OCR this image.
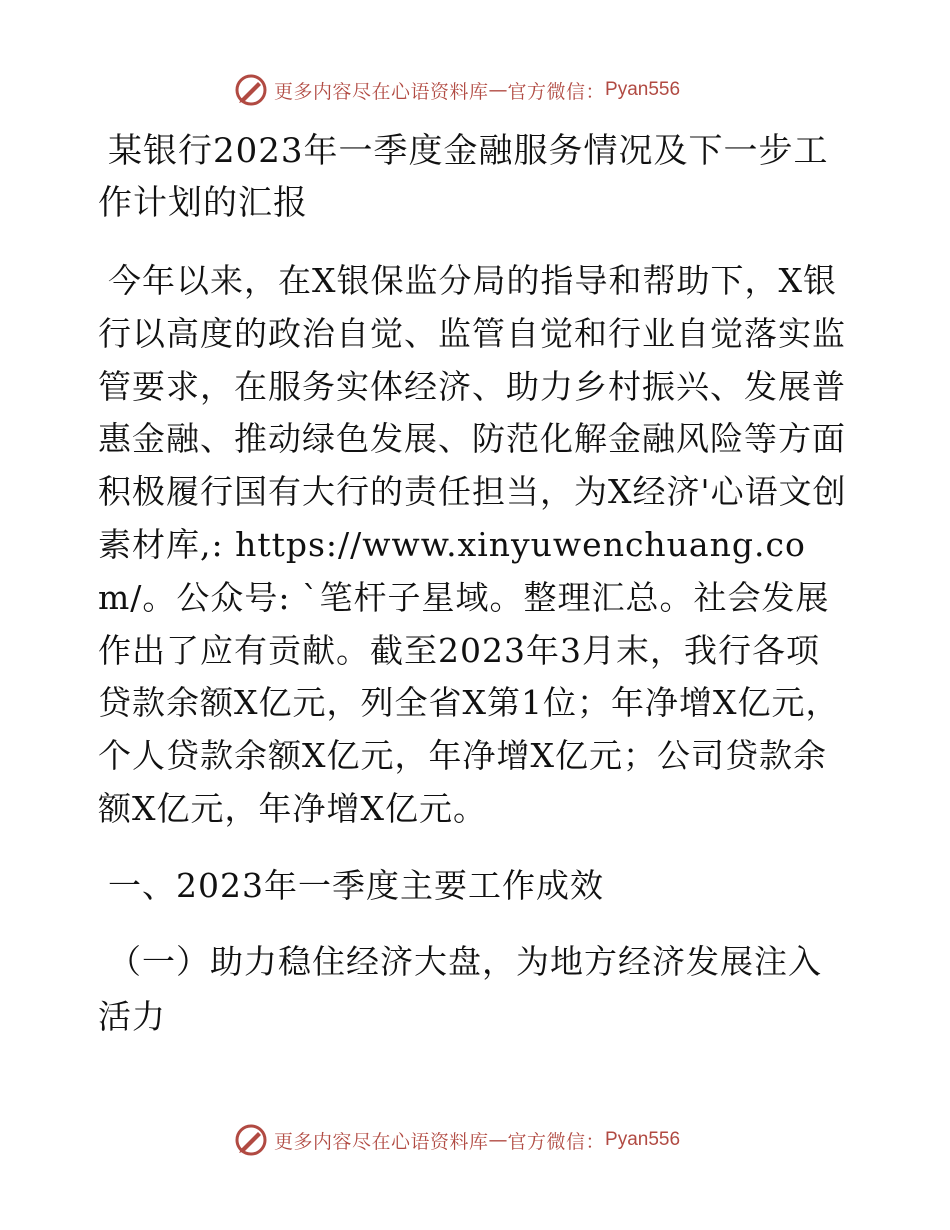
更多内容尽在心语资料库 — 官方微信： Pyan556
某银行2023年一季度金融服务情况及下一步工作计划的汇报

今年以来，在X银保监分局的指导和帮助下，X银行以高度的政治自觉、监管自觉和行业自觉落实监管要求，在服务实体经济、助力乡村振兴、发展普惠金融、推动绿色发展、防范化解金融风险等方面积极履行国有大行的责任担当，为X经济'心语文创素材库,: https://www.xinyuwenchuang.com/。公众号: `笔杆子星域。整理汇总。社会发展作出了应有贡献。截至2023年3月末，我行各项贷款余额X亿元，列全省X第1位；年净增X亿元，个人贷款余额X亿元，年净增X亿元；公司贷款余额X亿元，年净增X亿元。

一、2023年一季度主要工作成效
（一）助力稳住经济大盘，为地方经济发展注入活力
更多内容尽在心语资料库 — 官方微信： Pyan556
